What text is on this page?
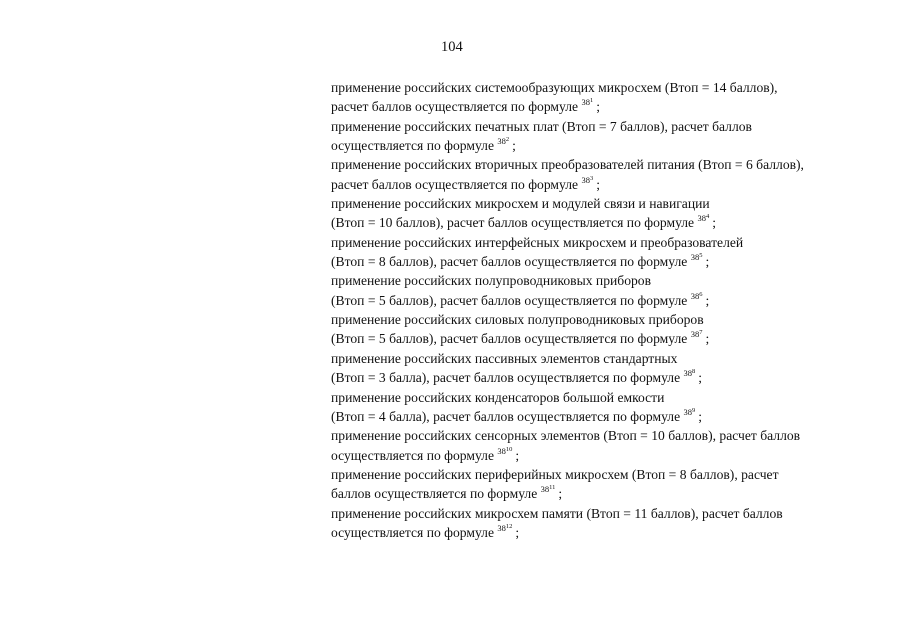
104
применение российских системообразующих микросхем (Втоп = 14 баллов),
расчет баллов осуществляется по формуле $^{38^1}$ ;
применение российских печатных плат (Втоп = 7 баллов), расчет баллов
осуществляется по формуле $^{38^2}$ ;
применение российских вторичных преобразователей питания (Втоп = 6 баллов),
расчет баллов осуществляется по формуле $^{38^3}$ ;
применение российских микросхем и модулей связи и навигации
(Втоп = 10 баллов), расчет баллов осуществляется по формуле $^{38^4}$ ;
применение российских интерфейсных микросхем и преобразователей
(Втоп = 8 баллов), расчет баллов осуществляется по формуле $^{38^5}$ ;
применение российских полупроводниковых приборов
(Втоп = 5 баллов), расчет баллов осуществляется по формуле $^{38^6}$ ;
применение российских силовых полупроводниковых приборов
(Втоп = 5 баллов), расчет баллов осуществляется по формуле $^{38^7}$ ;
применение российских пассивных элементов стандартных
(Втоп = 3 балла), расчет баллов осуществляется по формуле $^{38^8}$ ;
применение российских конденсаторов большой емкости
(Втоп = 4 балла), расчет баллов осуществляется по формуле $^{38^9}$ ;
применение российских сенсорных элементов (Втоп = 10 баллов), расчет баллов
осуществляется по формуле $^{38^{10}}$ ;
применение российских периферийных микросхем (Втоп = 8 баллов), расчет
баллов осуществляется по формуле $^{38^{11}}$ ;
применение российских микросхем памяти (Втоп = 11 баллов), расчет баллов
осуществляется по формуле $^{38^{12}}$ ;
